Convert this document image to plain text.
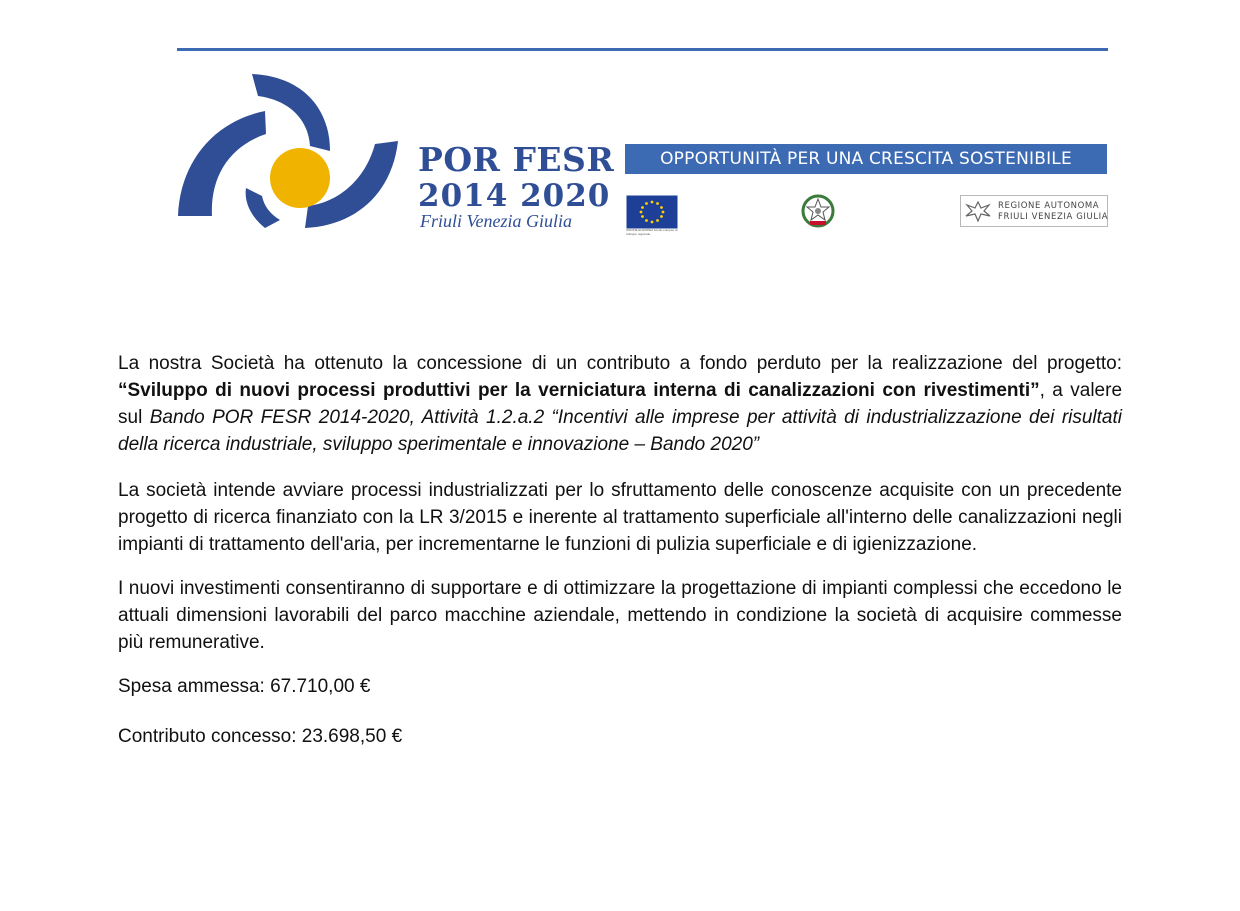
POR FESR
2014 2020
Friuli Venezia Giulia
OPPORTUNITÀ PER UNA CRESCITA SOSTENIBILE
UNIONE EUROPEA Fondo europeo di sviluppo regionale
REGIONE AUTONOMA
FRIULI VENEZIA GIULIA

La nostra Società ha ottenuto la concessione di un contributo a fondo perduto per la realizzazione del progetto: “Sviluppo di nuovi processi produttivi per la verniciatura interna di canalizzazioni con rivestimenti”, a valere sul Bando POR FESR 2014-2020, Attività 1.2.a.2 “Incentivi alle imprese per attività di industrializzazione dei risultati della ricerca industriale, sviluppo sperimentale e innovazione – Bando 2020”

La società intende avviare processi industrializzati per lo sfruttamento delle conoscenze acquisite con un precedente progetto di ricerca finanziato con la LR 3/2015 e inerente al trattamento superficiale all'interno delle canalizzazioni negli impianti di trattamento dell'aria, per incrementarne le funzioni di pulizia superficiale e di igienizzazione.

I nuovi investimenti consentiranno di supportare e di ottimizzare la progettazione di impianti complessi che eccedono le attuali dimensioni lavorabili del parco macchine aziendale, mettendo in condizione la società di acquisire commesse più remunerative.

Spesa ammessa: 67.710,00 €

Contributo concesso: 23.698,50 €
